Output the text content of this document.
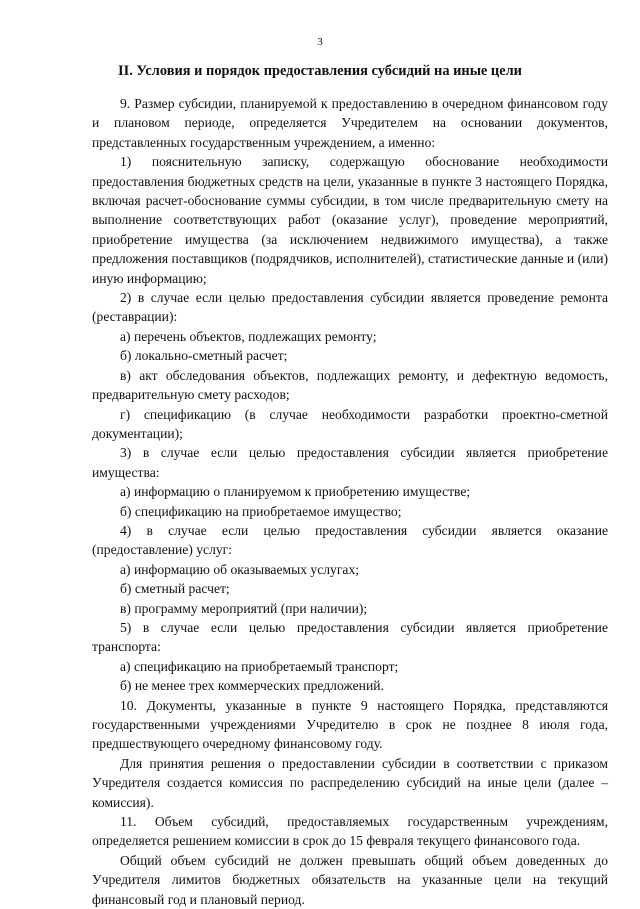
3
II. Условия и порядок предоставления субсидий на иные цели

9. Размер субсидии, планируемой к предоставлению в очередном финансовом году и плановом периоде, определяется Учредителем на основании документов, представленных государственным учреждением, а именно:

1) пояснительную записку, содержащую обоснование необходимости предоставления бюджетных средств на цели, указанные в пункте 3 настоящего Порядка, включая расчет-обоснование суммы субсидии, в том числе предварительную смету на выполнение соответствующих работ (оказание услуг), проведение мероприятий, приобретение имущества (за исключением недвижимого имущества), а также предложения поставщиков (подрядчиков, исполнителей), статистические данные и (или) иную информацию;

2) в случае если целью предоставления субсидии является проведение ремонта (реставрации):

а) перечень объектов, подлежащих ремонту;

б) локально-сметный расчет;

в) акт обследования объектов, подлежащих ремонту, и дефектную ведомость, предварительную смету расходов;

г) спецификацию (в случае необходимости разработки проектно-сметной документации);

3) в случае если целью предоставления субсидии является приобретение имущества:

а) информацию о планируемом к приобретению имуществе;

б) спецификацию на приобретаемое имущество;

4) в случае если целью предоставления субсидии является оказание (предоставление) услуг:

а) информацию об оказываемых услугах;

б) сметный расчет;

в) программу мероприятий (при наличии);

5) в случае если целью предоставления субсидии является приобретение транспорта:

а) спецификацию на приобретаемый транспорт;

б) не менее трех коммерческих предложений.

10. Документы, указанные в пункте 9 настоящего Порядка, представляются государственными учреждениями Учредителю в срок не позднее 8 июля года, предшествующего очередному финансовому году.

Для принятия решения о предоставлении субсидии в соответствии с приказом Учредителя создается комиссия по распределению субсидий на иные цели (далее – комиссия).

11. Объем субсидий, предоставляемых государственным учреждениям, определяется решением комиссии в срок до 15 февраля текущего финансового года.

Общий объем субсидий не должен превышать общий объем доведенных до Учредителя лимитов бюджетных обязательств на указанные цели на текущий финансовый год и плановый период.
